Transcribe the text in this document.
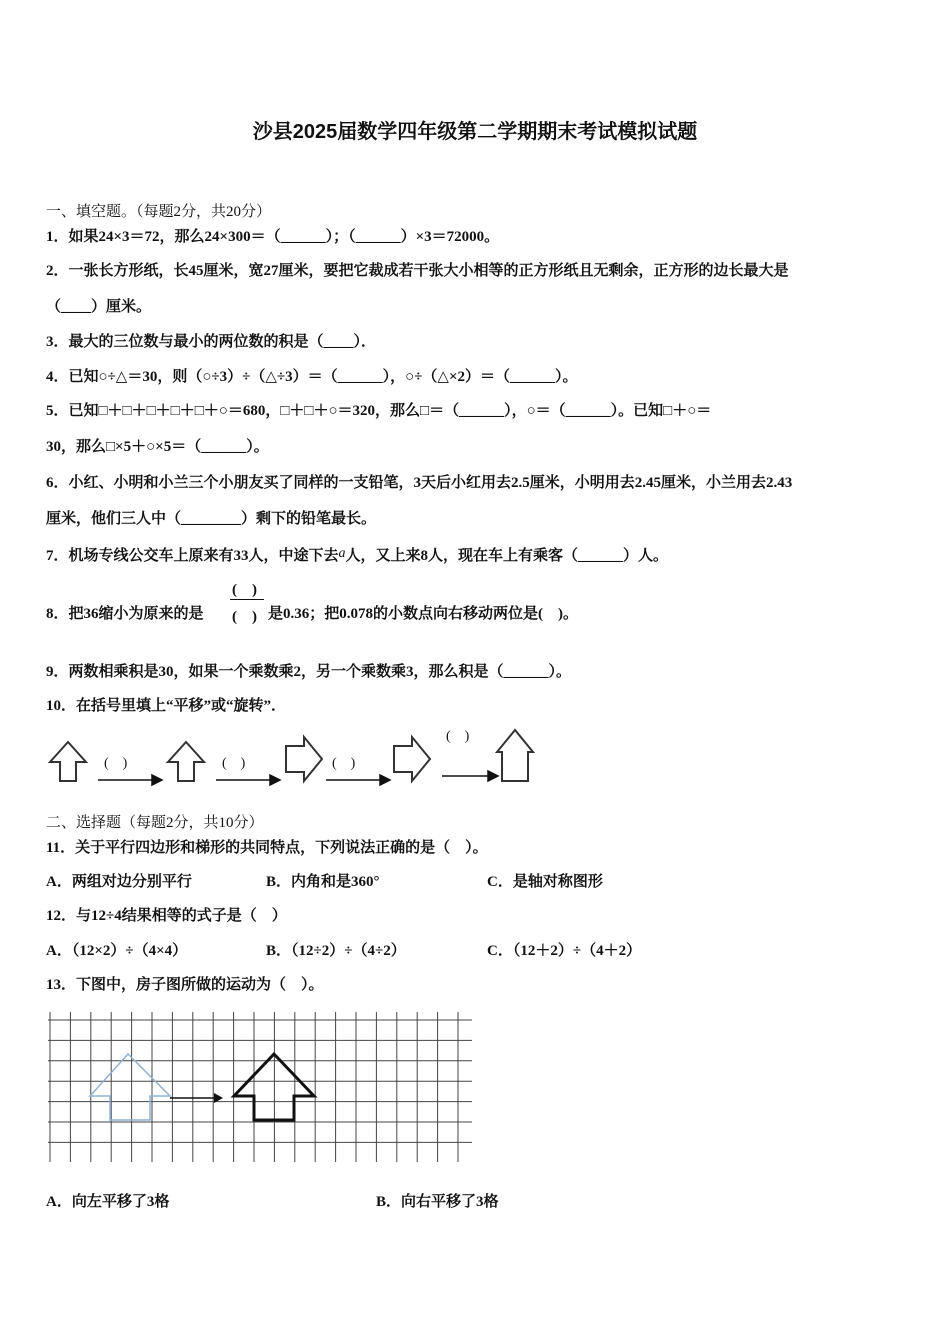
沙县2025届数学四年级第二学期期末考试模拟试题
一、填空题。（每题2分，共20分）
1．如果24×3＝72，那么24×300＝（______）；（______）×3＝72000。
2．一张长方形纸，长45厘米，宽27厘米，要把它裁成若干张大小相等的正方形纸且无剩余，正方形的边长最大是
（____）厘米。
3．最大的三位数与最小的两位数的积是（____）．
4．已知○÷△＝30，则（○÷3）÷（△÷3）＝（______），○÷（△×2）＝（______）。
5．已知□＋□＋□＋□＋□＋○＝680，□＋□＋○＝320，那么□＝（______），○＝（______）。已知□＋○＝
30，那么□×5＋○×5＝（______）。
6．小红、小明和小兰三个小朋友买了同样的一支铅笔，3天后小红用去2.5厘米，小明用去2.45厘米，小兰用去2.43
厘米，他们三人中（________）剩下的铅笔最长。
7．机场专线公交车上原来有33人，中途下去a人，又上来8人，现在车上有乘客（______）人。
8．把36缩小为原来的是
(　)
(　) 是0.36；把0.078的小数点向右移动两位是(　)。
9．两数相乘积是30，如果一个乘数乘2，另一个乘数乘3，那么积是（______）。
10．在括号里填上“平移”或“旋转”．
(　)	(　)	(　)
(　)
二、选择题（每题2分，共10分）
11．关于平行四边形和梯形的共同特点，下列说法正确的是（　）。
A．两组对边分别平行	B．内角和是360°	C．是轴对称图形
12．与12÷4结果相等的式子是（　）
A．（12×2）÷（4×4）	B．（12÷2）÷（4÷2）	C．（12＋2）÷（4＋2）
13．下图中，房子图所做的运动为（　）。
A．向左平移了3格	B．向右平移了3格
